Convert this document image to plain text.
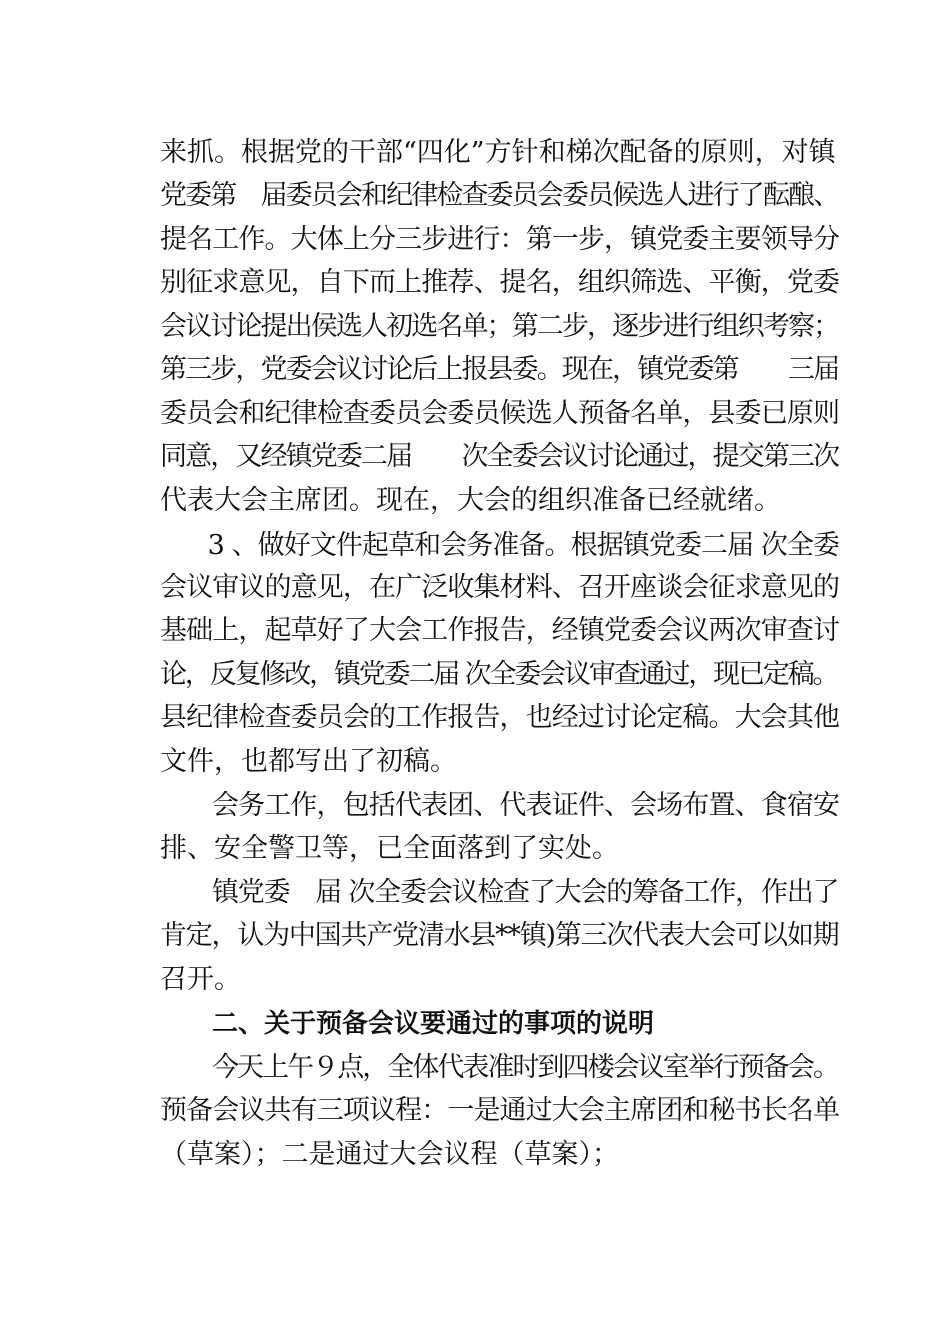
来抓。根据党的干部“四化”方针和梯次配备的原则，对镇
党委第　届委员会和纪律检查委员会委员候选人进行了酝酿、
提名工作。大体上分三步进行：第一步，镇党委主要领导分
别征求意见，自下而上推荐、提名，组织筛选、平衡，党委
会议讨论提出侯选人初选名单；第二步，逐步进行组织考察；
第三步，党委会议讨论后上报县委。现在，镇党委第　　三届
委员会和纪律检查委员会委员候选人预备名单，县委已原则
同意，又经镇党委二届　　次全委会议讨论通过，提交第三次
代表大会主席团。现在，大会的组织准备已经就绪。
3 、做好文件起草和会务准备。根据镇党委二届 次全委
会议审议的意见，在广泛收集材料、召开座谈会征求意见的
基础上，起草好了大会工作报告，经镇党委会议两次审查讨
论，反复修改，镇党委二届 次全委会议审查通过，现已定稿。
县纪律检查委员会的工作报告，也经过讨论定稿。大会其他
文件，也都写出了初稿。
会务工作，包括代表团、代表证件、会场布置、食宿安
排、安全警卫等，已全面落到了实处。
镇党委　届 次全委会议检查了大会的筹备工作，作出了
肯定，认为中国共产党清水县**镇)第三次代表大会可以如期
召开。
二、关于预备会议要通过的事项的说明
今天上午９点，全体代表准时到四楼会议室举行预备会。
预备会议共有三项议程：一是通过大会主席团和秘书长名单
（草案）；二是通过大会议程（草案）；
